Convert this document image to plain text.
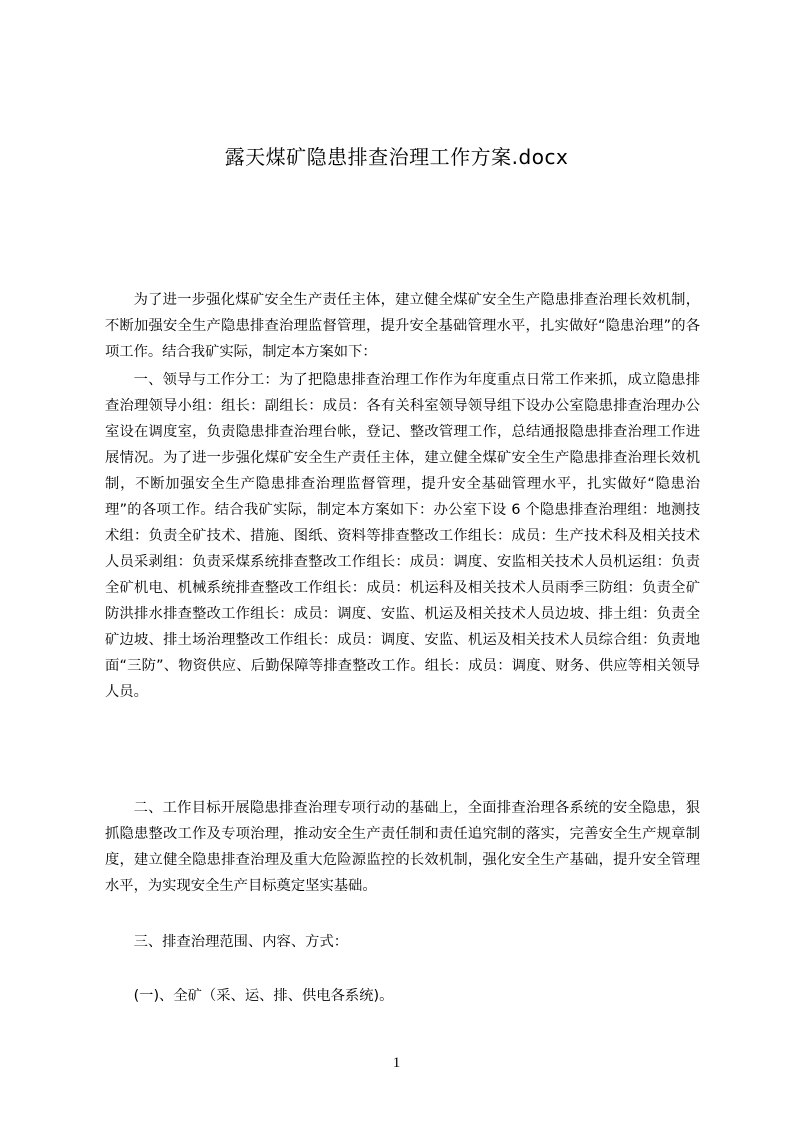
露天煤矿隐患排查治理工作方案.docx

为了进一步强化煤矿安全生产责任主体，建立健全煤矿安全生产隐患排查治理长效机制，不断加强安全生产隐患排查治理监督管理，提升安全基础管理水平，扎实做好“隐患治理”的各项工作。结合我矿实际，制定本方案如下：

一、领导与工作分工：为了把隐患排查治理工作作为年度重点日常工作来抓，成立隐患排查治理领导小组：组长：副组长：成员：各有关科室领导领导组下设办公室隐患排查治理办公室设在调度室，负责隐患排查治理台帐，登记、整改管理工作，总结通报隐患排查治理工作进展情况。为了进一步强化煤矿安全生产责任主体，建立健全煤矿安全生产隐患排查治理长效机制，不断加强安全生产隐患排查治理监督管理，提升安全基础管理水平，扎实做好“隐患治理”的各项工作。结合我矿实际，制定本方案如下：办公室下设 6 个隐患排查治理组：地测技术组：负责全矿技术、措施、图纸、资料等排查整改工作组长：成员：生产技术科及相关技术人员采剥组：负责采煤系统排查整改工作组长：成员：调度、安监相关技术人员机运组：负责全矿机电、机械系统排查整改工作组长：成员：机运科及相关技术人员雨季三防组：负责全矿防洪排水排查整改工作组长：成员：调度、安监、机运及相关技术人员边坡、排土组：负责全矿边坡、排土场治理整改工作组长：成员：调度、安监、机运及相关技术人员综合组：负责地面“三防”、物资供应、后勤保障等排查整改工作。组长：成员：调度、财务、供应等相关领导人员。

二、工作目标开展隐患排查治理专项行动的基础上，全面排查治理各系统的安全隐患，狠抓隐患整改工作及专项治理，推动安全生产责任制和责任追究制的落实，完善安全生产规章制度，建立健全隐患排查治理及重大危险源监控的长效机制，强化安全生产基础，提升安全管理水平，为实现安全生产目标奠定坚实基础。

三、排查治理范围、内容、方式：

(一)、全矿（采、运、排、供电各系统)。

1
